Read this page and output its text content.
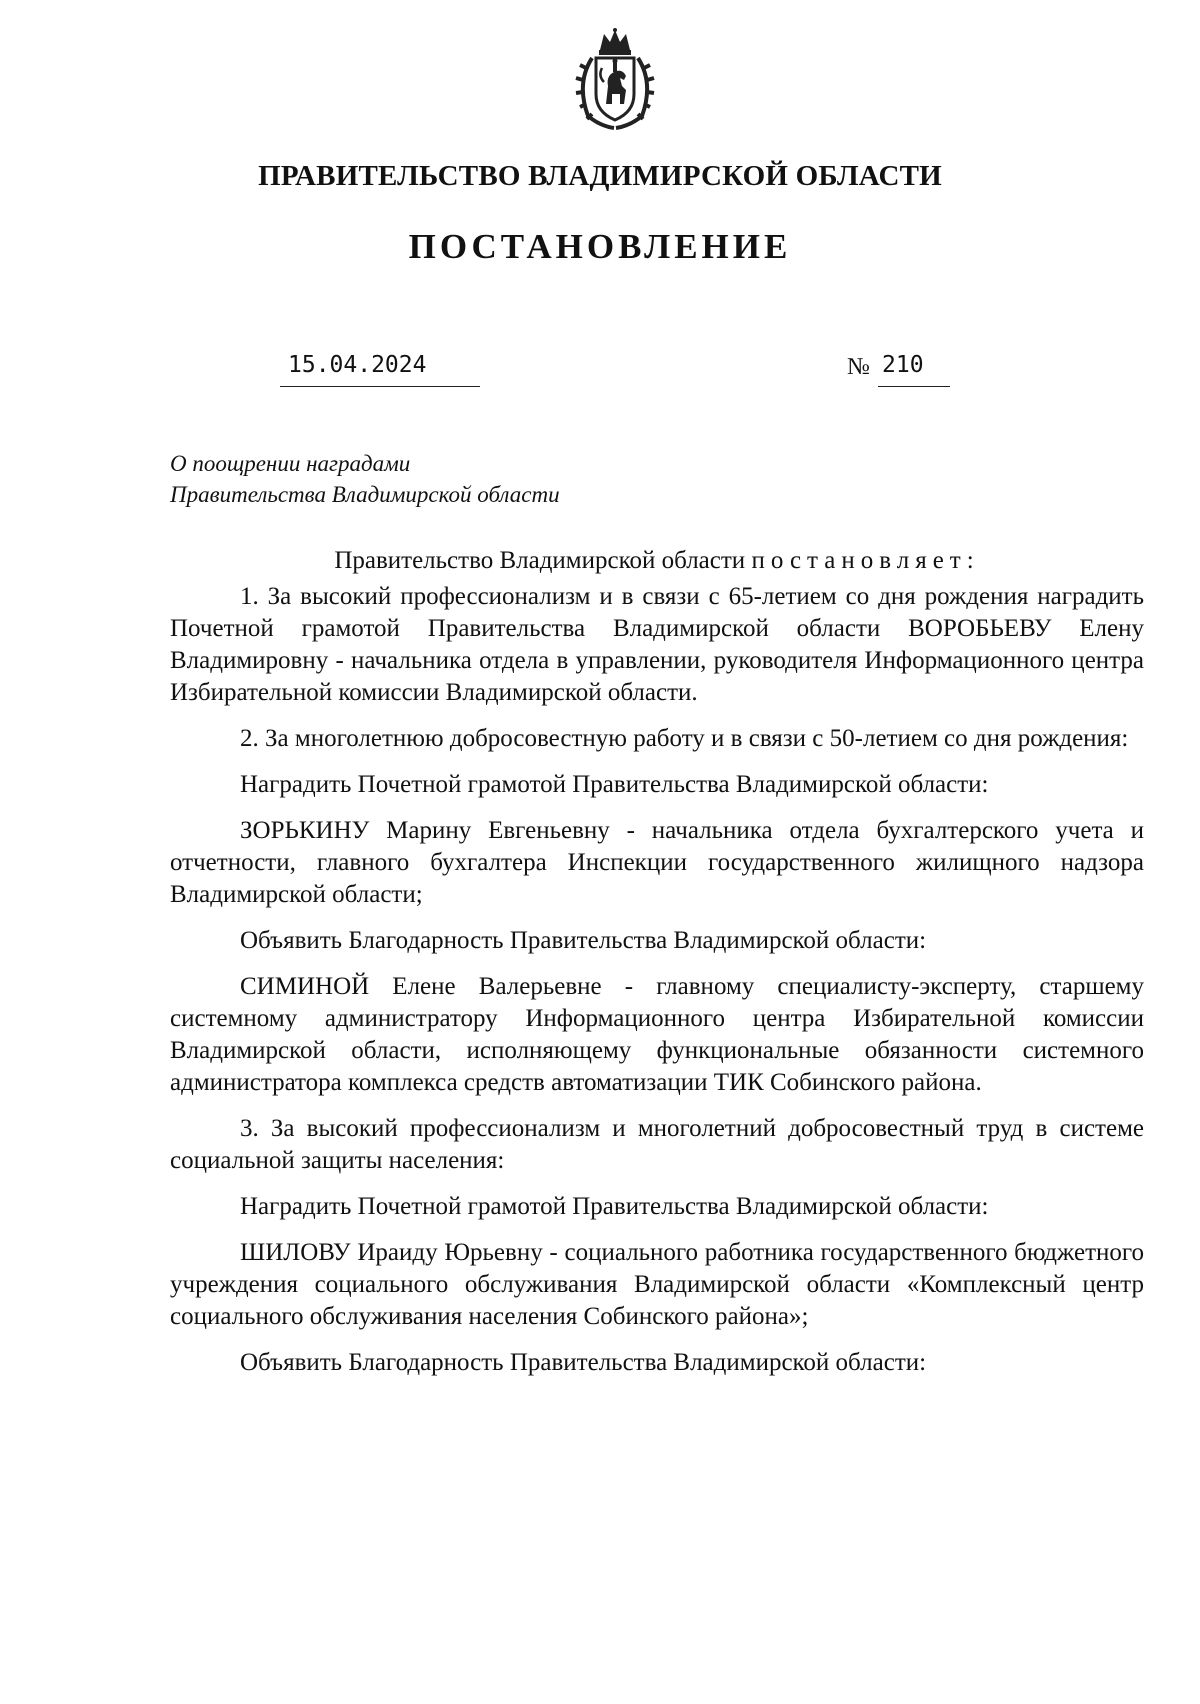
ПРАВИТЕЛЬСТВО ВЛАДИМИРСКОЙ ОБЛАСТИ
ПОСТАНОВЛЕНИЕ
15.04.2024	№ 210
О поощрении наградами
Правительства Владимирской области

Правительство Владимирской области постановляет:

1. За высокий профессионализм и в связи с 65-летием со дня рождения наградить Почетной грамотой Правительства Владимирской области ВОРОБЬЕВУ Елену Владимировну - начальника отдела в управлении, руководителя Информационного центра Избирательной комиссии Владимирской области.

2. За многолетнюю добросовестную работу и в связи с 50-летием со дня рождения:

Наградить Почетной грамотой Правительства Владимирской области:

ЗОРЬКИНУ Марину Евгеньевну - начальника отдела бухгалтерского учета и отчетности, главного бухгалтера Инспекции государственного жилищного надзора Владимирской области;

Объявить Благодарность Правительства Владимирской области:

СИМИНОЙ Елене Валерьевне - главному специалисту-эксперту, старшему системному администратору Информационного центра Избирательной комиссии Владимирской области, исполняющему функциональные обязанности системного администратора комплекса средств автоматизации ТИК Собинского района.

3. За высокий профессионализм и многолетний добросовестный труд в системе социальной защиты населения:

Наградить Почетной грамотой Правительства Владимирской области:

ШИЛОВУ Ираиду Юрьевну - социального работника государственного бюджетного учреждения социального обслуживания Владимирской области «Комплексный центр социального обслуживания населения Собинского района»;

Объявить Благодарность Правительства Владимирской области:
